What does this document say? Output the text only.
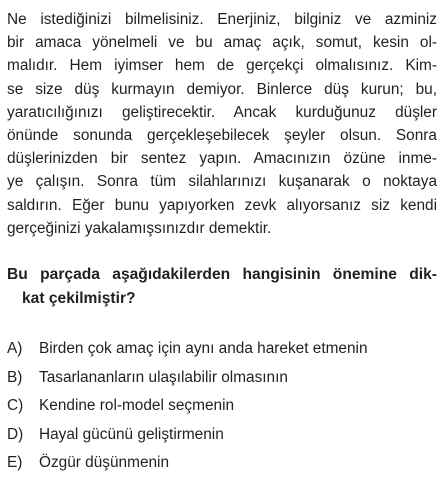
Ne istediğinizi bilmelisiniz. Enerjiniz, bilginiz ve azminiz
bir amaca yönelmeli ve bu amaç açık, somut, kesin ol-
malıdır. Hem iyimser hem de gerçekçi olmalısınız. Kim-
se size düş kurmayın demiyor. Binlerce düş kurun; bu,
yaratıcılığınızı geliştirecektir. Ancak kurduğunuz düşler
önünde sonunda gerçekleşebilecek şeyler olsun. Sonra
düşlerinizden bir sentez yapın. Amacınızın özüne inme-
ye çalışın. Sonra tüm silahlarınızı kuşanarak o noktaya
saldırın. Eğer bunu yapıyorken zevk alıyorsanız siz kendi
gerçeğinizi yakalamışsınızdır demektir.
Bu parçada aşağıdakilerden hangisinin önemine dik-
kat çekilmiştir?
A)	Birden çok amaç için aynı anda hareket etmenin
B)	Tasarlananların ulaşılabilir olmasının
C)	Kendine rol-model seçmenin
D)	Hayal gücünü geliştirmenin
E)	Özgür düşünmenin
